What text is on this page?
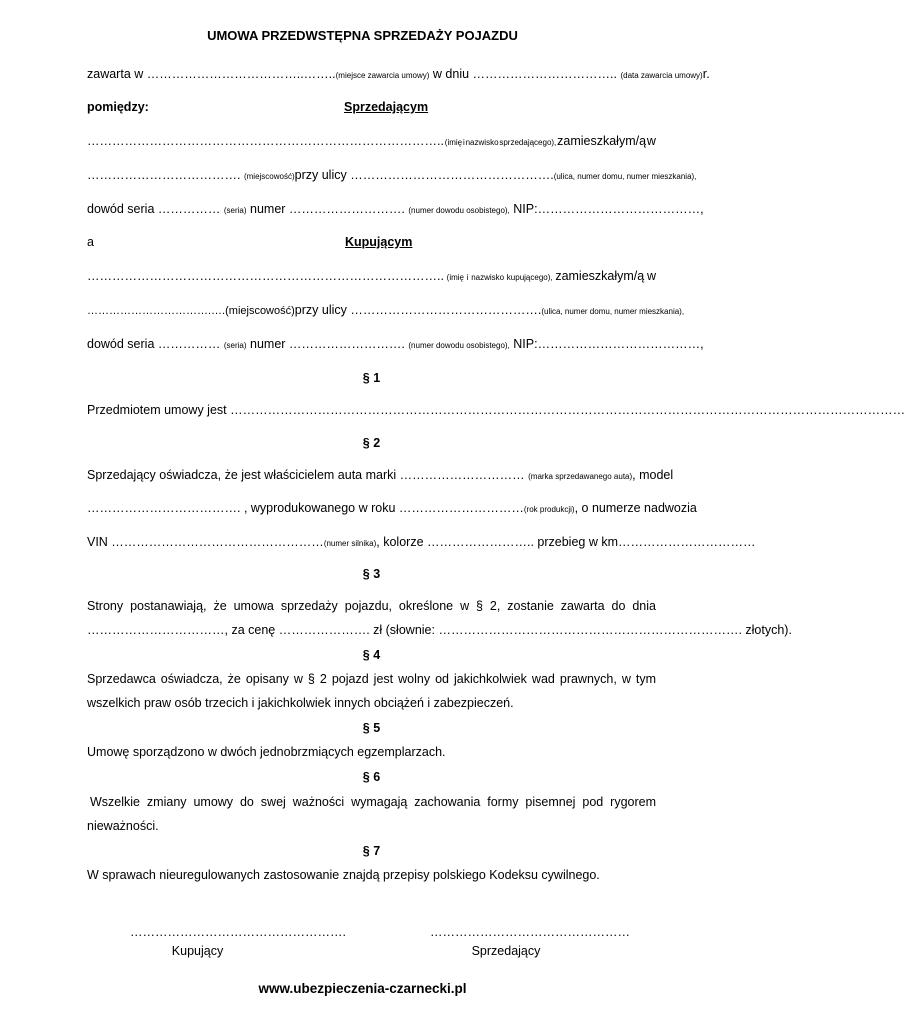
UMOWA PRZEDWSTĘPNA SPRZEDAŻY POJAZDU
zawarta w ………………………………..……..(miejsce zawarcia umowy) w dniu …………………………….. (data zawarcia umowy) r.
pomiędzy:	Sprzedającym
………………………………………………………………………….. (imię i nazwisko sprzedającego), zamieszkałym/ą w
………………………………. (miejscowość) przy ulicy …………………………………………. (ulica, numer domu, numer mieszkania),
dowód seria …………… (seria) numer ………………………. (numer dowodu osobistego), NIP:…………………………………,
a	Kupującym
………………………………………………………………………….. (imię i nazwisko kupującego), zamieszkałym/ą w
…………………………….….(miejscowość) przy ulicy ………………………………………. (ulica, numer domu, numer mieszkania),
dowód seria …………… (seria) numer ………………………. (numer dowodu osobistego), NIP:…………………………………,
§ 1
Przedmiotem umowy jest ………………………………………………………………………………………………………………………………………………
§ 2
Sprzedający oświadcza, że jest właścicielem auta marki ………………………… (marka sprzedawanego auta), model
………………………………. , wyprodukowanego w roku ………………………… (rok produkcji) , o numerze nadwozia
VIN …………………………………………… (numer silnika) , kolorze …………………….. przebieg w km……………………………
§ 3
Strony postanawiają, że umowa sprzedaży pojazdu, określone w § 2, zostanie zawarta do dnia
……………………………, za cenę …………………. zł (słownie: ………………………………………………………………. złotych).
§ 4
Sprzedawca oświadcza, że opisany w § 2 pojazd jest wolny od jakichkolwiek wad prawnych, w tym
wszelkich praw osób trzecich i jakichkolwiek innych obciążeń i zabezpieczeń.
§ 5
Umowę sporządzono w dwóch jednobrzmiących egzemplarzach.
§ 6
Wszelkie zmiany umowy do swej ważności wymagają zachowania formy pisemnej pod rygorem
nieważności.
§ 7
W sprawach nieuregulowanych zastosowanie znajdą przepisy polskiego Kodeksu cywilnego.
…………………………………………….
Kupujący
…………………………………………
Sprzedający
www.ubezpieczenia-czarnecki.pl
